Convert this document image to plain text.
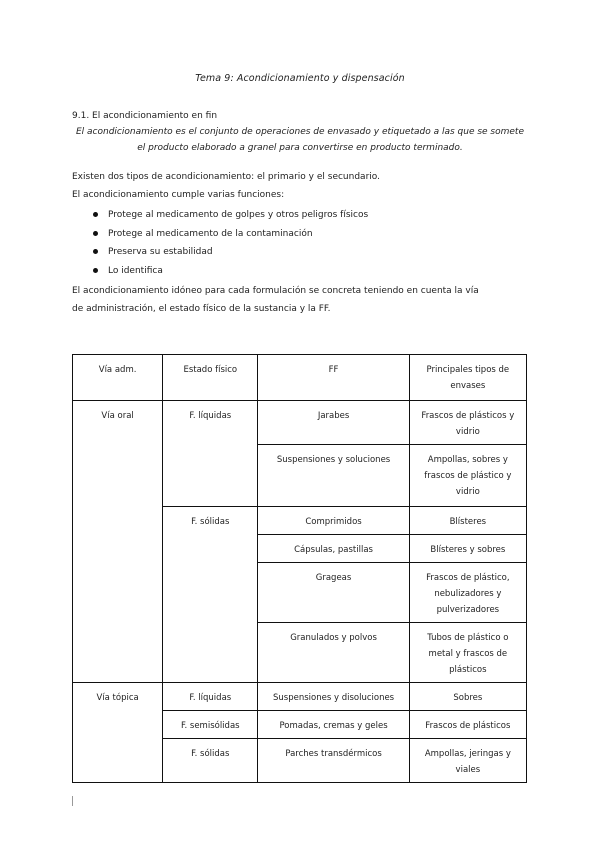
Tema 9: Acondicionamiento y dispensación
9.1. El acondicionamiento en fin
El acondicionamiento es el conjunto de operaciones de envasado y etiquetado a las que se somete el producto elaborado a granel para convertirse en producto terminado.
Existen dos tipos de acondicionamiento: el primario y el secundario.
El acondicionamiento cumple varias funciones:
Protege al medicamento de golpes y otros peligros físicos
Protege al medicamento de la contaminación
Preserva su estabilidad
Lo identifica
El acondicionamiento idóneo para cada formulación se concreta teniendo en cuenta la vía de administración, el estado físico de la sustancia y la FF.
Vía adm.	Estado físico	FF	Principales tipos de envases
Vía oral	F. líquidas	Jarabes	Frascos de plásticos y vidrio
		Suspensiones y soluciones	Ampollas, sobres y frascos de plástico y vidrio
	F. sólidas	Comprimidos	Blísteres
		Cápsulas, pastillas	Blísteres y sobres
		Grageas	Frascos de plástico, nebulizadores y pulverizadores
		Granulados y polvos	Tubos de plástico o metal y frascos de plásticos
Vía tópica	F. líquidas	Suspensiones y disoluciones	Sobres
	F. semisólidas	Pomadas, cremas y geles	Frascos de plásticos
	F. sólidas	Parches transdérmicos	Ampollas, jeringas y viales
